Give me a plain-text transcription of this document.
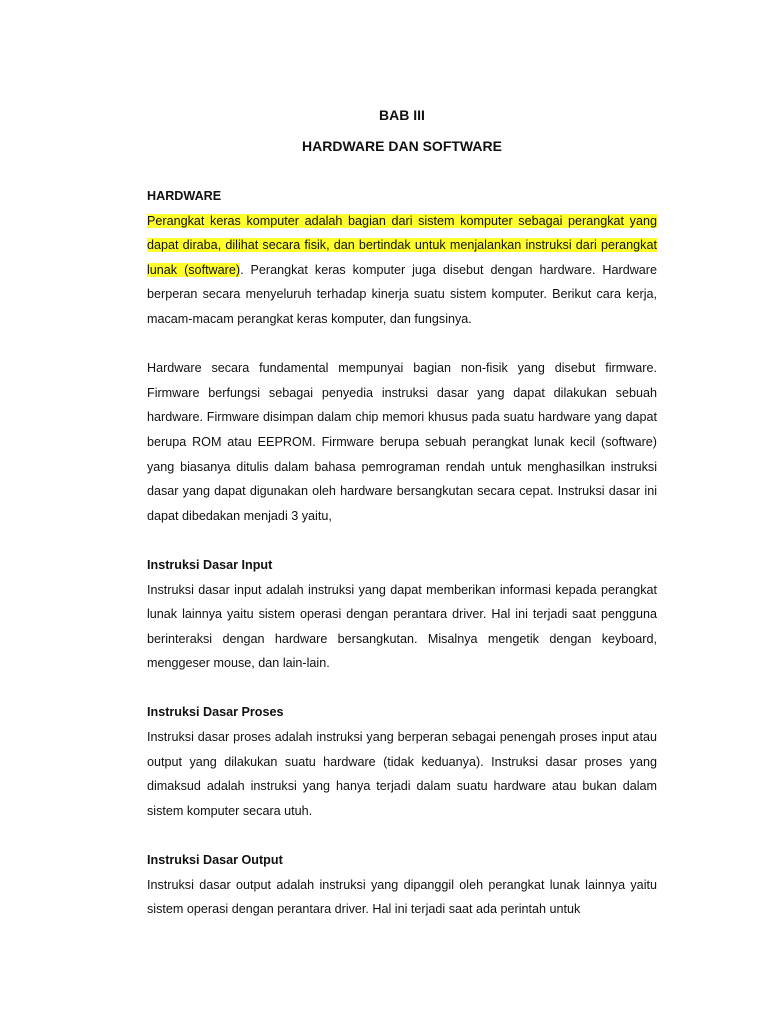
BAB III

HARDWARE DAN SOFTWARE

HARDWARE

Perangkat keras komputer adalah bagian dari sistem komputer sebagai perangkat yang dapat diraba, dilihat secara fisik, dan bertindak untuk menjalankan instruksi dari perangkat lunak (software). Perangkat keras komputer juga disebut dengan hardware. Hardware berperan secara menyeluruh terhadap kinerja suatu sistem komputer. Berikut cara kerja, macam-macam perangkat keras komputer, dan fungsinya.

Hardware secara fundamental mempunyai bagian non-fisik yang disebut firmware. Firmware berfungsi sebagai penyedia instruksi dasar yang dapat dilakukan sebuah hardware. Firmware disimpan dalam chip memori khusus pada suatu hardware yang dapat berupa ROM atau EEPROM. Firmware berupa sebuah perangkat lunak kecil (software) yang biasanya ditulis dalam bahasa pemrograman rendah untuk menghasilkan instruksi dasar yang dapat digunakan oleh hardware bersangkutan secara cepat. Instruksi dasar ini dapat dibedakan menjadi 3 yaitu,

Instruksi Dasar Input

Instruksi dasar input adalah instruksi yang dapat memberikan informasi kepada perangkat lunak lainnya yaitu sistem operasi dengan perantara driver. Hal ini terjadi saat pengguna berinteraksi dengan hardware bersangkutan. Misalnya mengetik dengan keyboard, menggeser mouse, dan lain-lain.

Instruksi Dasar Proses

Instruksi dasar proses adalah instruksi yang berperan sebagai penengah proses input atau output yang dilakukan suatu hardware (tidak keduanya). Instruksi dasar proses yang dimaksud adalah instruksi yang hanya terjadi dalam suatu hardware atau bukan dalam sistem komputer secara utuh.

Instruksi Dasar Output

Instruksi dasar output adalah instruksi yang dipanggil oleh perangkat lunak lainnya yaitu sistem operasi dengan perantara driver. Hal ini terjadi saat ada perintah untuk
